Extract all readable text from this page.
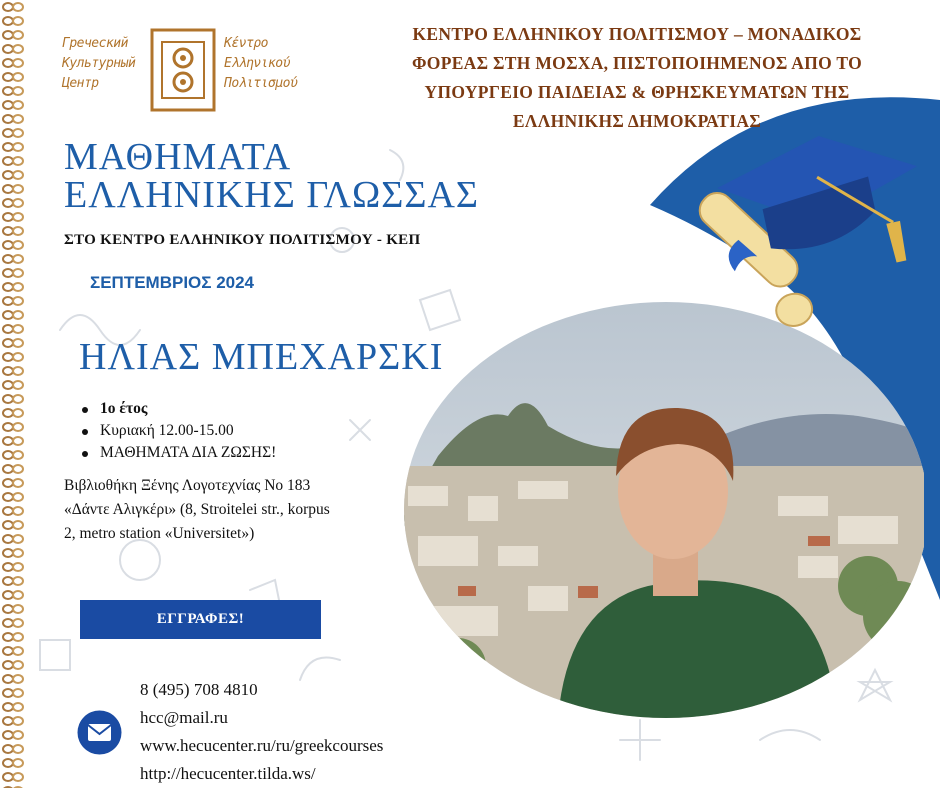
Греческий
Культурный
Центр
Κέντρο
Ελληνικού
Πολιτισμού
ΚΕΝΤΡΟ ΕΛΛΗΝΙΚΟΥ ΠΟΛΙΤΙΣΜΟΥ – ΜΟΝΑΔΙΚΟΣ
ΦΟΡΕΑΣ ΣΤΗ ΜΟΣΧΑ, ΠΙΣΤΟΠΟΙΗΜΕΝΟΣ ΑΠΟ ΤΟ
ΥΠΟΥΡΓΕΙΟ ΠΑΙΔΕΙΑΣ & ΘΡΗΣΚΕΥΜΑΤΩΝ ΤΗΣ
ΕΛΛΗΝΙΚΗΣ ΔΗΜΟΚΡΑΤΙΑΣ
ΜΑΘΗΜΑΤΑ
ΕΛΛΗΝΙΚΗΣ ΓΛΩΣΣΑΣ
ΣΤΟ ΚΕΝΤΡΟ ΕΛΛΗΝΙΚΟΥ ΠΟΛΙΤΙΣΜΟΥ - ΚΕΠ
ΣΕΠΤΕΜΒΡΙΟΣ 2024
ΗΛΙΑΣ ΜΠΕΧΑΡΣΚΙ
1ο έτος
Κυριακή 12.00-15.00
ΜΑΘΗΜΑΤΑ ΔΙΑ ΖΩΣΗΣ!
Βιβλιοθήκη Ξένης Λογοτεχνίας Νο 183
«Δάντε Αλιγκέρι» (8, Stroitelei str., korpus
2, metro station «Universitet»)
ΕΓΓΡΑΦΕΣ!
8 (495) 708 4810
hcc@mail.ru
www.hecucenter.ru/ru/greekcourses
http://hecucenter.tilda.ws/
